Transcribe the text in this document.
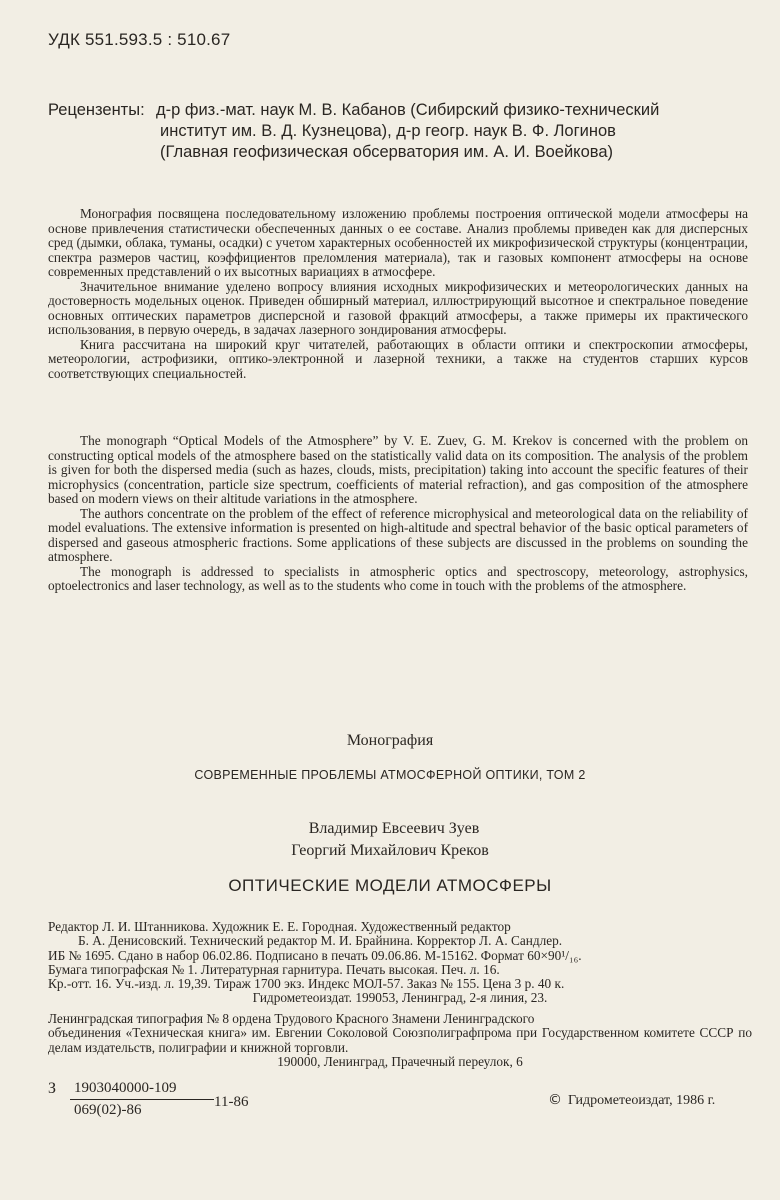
УДК 551.593.5 : 510.67
Рецензенты: д-р физ.-мат. наук М. В. Кабанов (Сибирский физико-технический
институт им. В. Д. Кузнецова), д-р геогр. наук В. Ф. Логинов
(Главная геофизическая обсерватория им. А. И. Воейкова)

Монография посвящена последовательному изложению проблемы построения оптической модели атмосферы на основе привлечения статистически обеспеченных данных о ее составе. Анализ проблемы приведен как для дисперсных сред (дымки, облака, туманы, осадки) с учетом характерных особенностей их микрофизической структуры (концентрации, спектра размеров частиц, коэффициентов преломления материала), так и газовых компонент атмосферы на основе современных представлений о их высотных вариациях в атмосфере.

Значительное внимание уделено вопросу влияния исходных микрофизических и метеорологических данных на достоверность модельных оценок. Приведен обширный материал, иллюстрирующий высотное и спектральное поведение основных оптических параметров дисперсной и газовой фракций атмосферы, а также примеры их практического использования, в первую очередь, в задачах лазерного зондирования атмосферы.

Книга рассчитана на широкий круг читателей, работающих в области оптики и спектроскопии атмосферы, метеорологии, астрофизики, оптико-электронной и лазерной техники, а также на студентов старших курсов соответствующих специальностей.

The monograph “Optical Models of the Atmosphere” by V. E. Zuev, G. M. Krekov is concerned with the problem on constructing optical models of the atmosphere based on the statistically valid data on its composition. The analysis of the problem is given for both the dispersed media (such as hazes, clouds, mists, precipitation) taking into account the specific features of their microphysics (concentration, particle size spectrum, coefficients of material refraction), and gas composition of the atmosphere based on modern views on their altitude variations in the atmosphere.

The authors concentrate on the problem of the effect of reference microphysical and meteorological data on the reliability of model evaluations. The extensive information is presented on high-altitude and spectral behavior of the basic optical parameters of dispersed and gaseous atmospheric fractions. Some applications of these subjects are discussed in the problems on sounding the atmosphere.

The monograph is addressed to specialists in atmospheric optics and spectroscopy, meteorology, astrophysics, optoelectronics and laser technology, as well as to the students who come in touch with the problems of the atmosphere.

Монография
СОВРЕМЕННЫЕ ПРОБЛЕМЫ АТМОСФЕРНОЙ ОПТИКИ, ТОМ 2
Владимир Евсеевич Зуев
Георгий Михайлович Креков
ОПТИЧЕСКИЕ МОДЕЛИ АТМОСФЕРЫ
Редактор Л. И. Штанникова. Художник Е. Е. Городная. Художественный редактор
Б. А. Денисовский. Технический редактор М. И. Брайнина. Корректор Л. А. Сандлер.
ИБ № 1695. Сдано в набор 06.02.86. Подписано в печать 09.06.86. М-15162. Формат 60×90¹/₁₆.
Бумага типографская № 1. Литературная гарнитура. Печать высокая. Печ. л. 16.
Кр.-отт. 16. Уч.-изд. л. 19,39. Тираж 1700 экз. Индекс МОЛ-57. Заказ № 155. Цена 3 р. 40 к.
Гидрометеоиздат. 199053, Ленинград, 2-я линия, 23.
Ленинградская типография № 8 ордена Трудового Красного Знамени Ленинградского
объединения «Техническая книга» им. Евгении Соколовой Союзполиграфпрома при Государственном комитете СССР по делам издательств, полиграфии и книжной торговли.
190000, Ленинград, Прачечный переулок, 6
З $\frac{1903040000-109}{069(02)-86} 11-86$	© Гидрометеоиздат, 1986 г.
